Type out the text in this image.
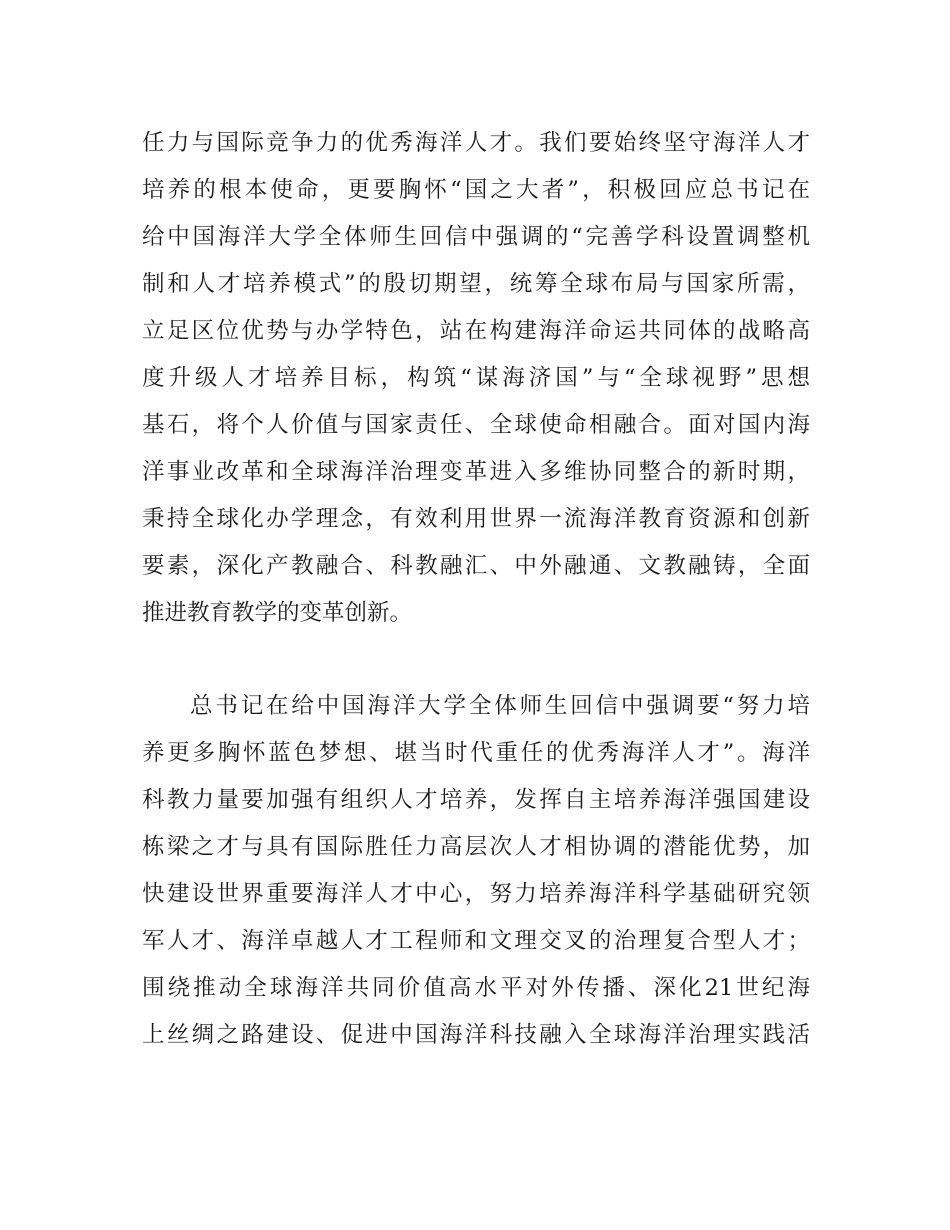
任力与国际竞争力的优秀海洋人才。我们要始终坚守海洋人才
培养的根本使命，更要胸怀“国之大者”，积极回应总书记在
给中国海洋大学全体师生回信中强调的“完善学科设置调整机
制和人才培养模式”的殷切期望，统筹全球布局与国家所需，
立足区位优势与办学特色，站在构建海洋命运共同体的战略高
度升级人才培养目标，构筑“谋海济国”与“全球视野”思想
基石，将个人价值与国家责任、全球使命相融合。面对国内海
洋事业改革和全球海洋治理变革进入多维协同整合的新时期，
秉持全球化办学理念，有效利用世界一流海洋教育资源和创新
要素，深化产教融合、科教融汇、中外融通、文教融铸，全面
推进教育教学的变革创新。
总书记在给中国海洋大学全体师生回信中强调要“努力培
养更多胸怀蓝色梦想、堪当时代重任的优秀海洋人才”。海洋
科教力量要加强有组织人才培养，发挥自主培养海洋强国建设
栋梁之才与具有国际胜任力高层次人才相协调的潜能优势，加
快建设世界重要海洋人才中心，努力培养海洋科学基础研究领
军人才、海洋卓越人才工程师和文理交叉的治理复合型人才；
围绕推动全球海洋共同价值高水平对外传播、深化21世纪海
上丝绸之路建设、促进中国海洋科技融入全球海洋治理实践活
